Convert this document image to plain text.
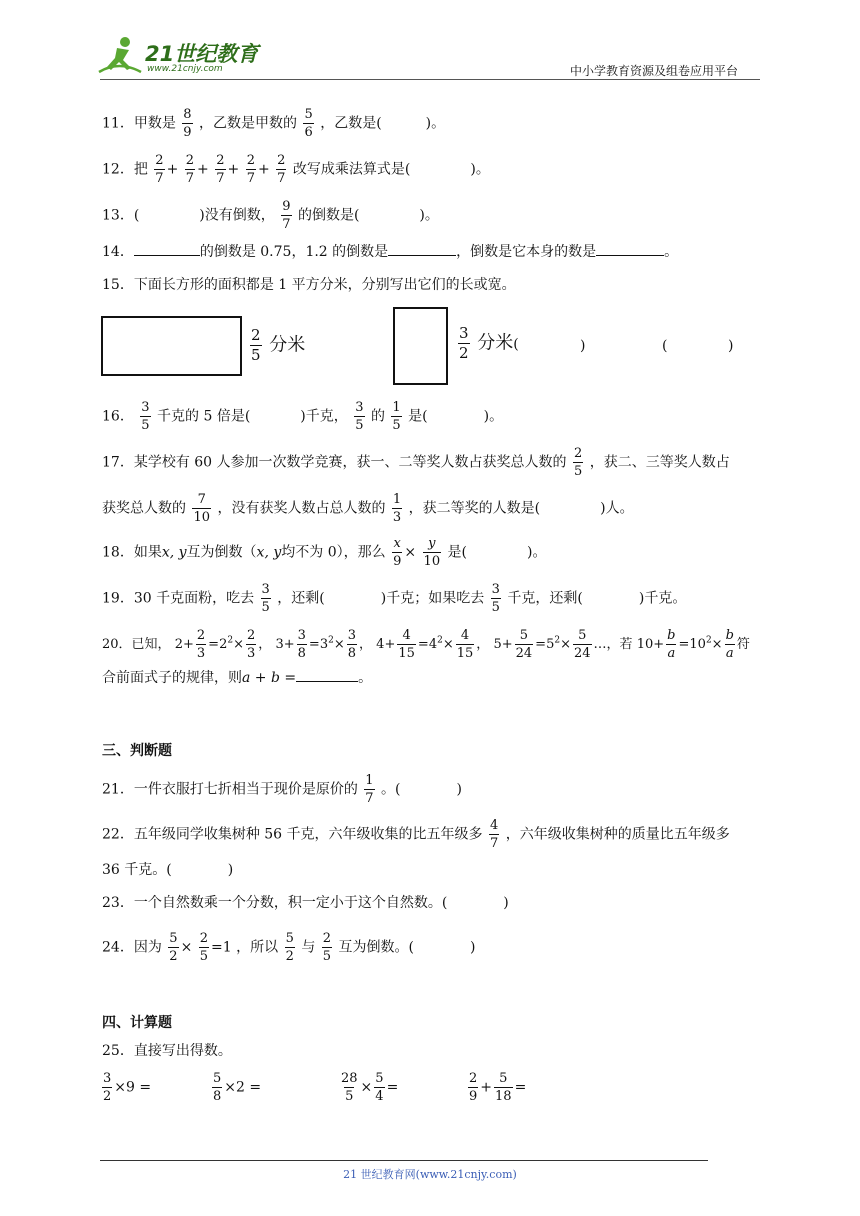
21世纪教育
www.21cnjy.com	中小学教育资源及组卷应用平台
11．甲数是 $\frac{8}{9}$ ，乙数是甲数的 $\frac{5}{6}$ ，乙数是(	)。
12．把 $\frac{2}{7} + \frac{2}{7} + \frac{2}{7} + \frac{2}{7} + \frac{2}{7}$ 改写成乘法算式是(	)。
13．(	)没有倒数， $\frac{9}{7}$ 的倒数是(	)。
14．	的倒数是 0.75，1.2 的倒数是	，倒数是它本身的数是	。
15．下面长方形的面积都是 1 平方分米，分别写出它们的长或宽。
$\frac{2}{5}$ 分米	$\frac{3}{2}$ 分米(	)	(	)
16． $\frac{3}{5}$ 千克的 5 倍是(	)千克， $\frac{3}{5}$ 的 $\frac{1}{5}$ 是(	)。
17．某学校有 60 人参加一次数学竞赛，获一、二等奖人数占获奖总人数的 $\frac{2}{5}$ ，获二、三等奖人数占
获奖总人数的 $\frac{7}{10}$ ，没有获奖人数占总人数的 $\frac{1}{3}$ ，获二等奖的人数是(	)人。
18．如果x, y互为倒数（x, y均不为 0），那么 $\frac{x}{9} \times \frac{y}{10}$ 是(	)。
19．30 千克面粉，吃去 $\frac{3}{5}$ ，还剩(	)千克；如果吃去 $\frac{3}{5}$ 千克，还剩(	)千克。
20．已知， $2+ \frac{2}{3} =2^2\times \frac{2}{3}$ ， $3+ \frac{3}{8} =3^2\times \frac{3}{8}$ ， $4+ \frac{4}{15} =4^2\times \frac{4}{15}$ ， $5+ \frac{5}{24} =5^2\times \frac{5}{24}$ …，若 $10+ \frac{b}{a} =10^2\times \frac{b}{a}$ 符
合前面式子的规律，则a + b =	。
三、判断题
21．一件衣服打七折相当于现价是原价的 $\frac{1}{7}$ 。(	)
22．五年级同学收集树种 56 千克，六年级收集的比五年级多 $\frac{4}{7}$ ，六年级收集树种的质量比五年级多
36 千克。(	)
23．一个自然数乘一个分数，积一定小于这个自然数。(	)
24．因为 $\frac{5}{2} \times \frac{2}{5} =1$ ，所以 $\frac{5}{2}$ 与 $\frac{2}{5}$ 互为倒数。(	)
四、计算题
25．直接写出得数。
$\frac{3}{2} \times 9$ =	$\frac{5}{8} \times 2$ =	$\frac{28}{5} \times \frac{5}{4}$ =	$\frac{2}{9} + \frac{5}{18}$ =
21 世纪教育网(www.21cnjy.com)
